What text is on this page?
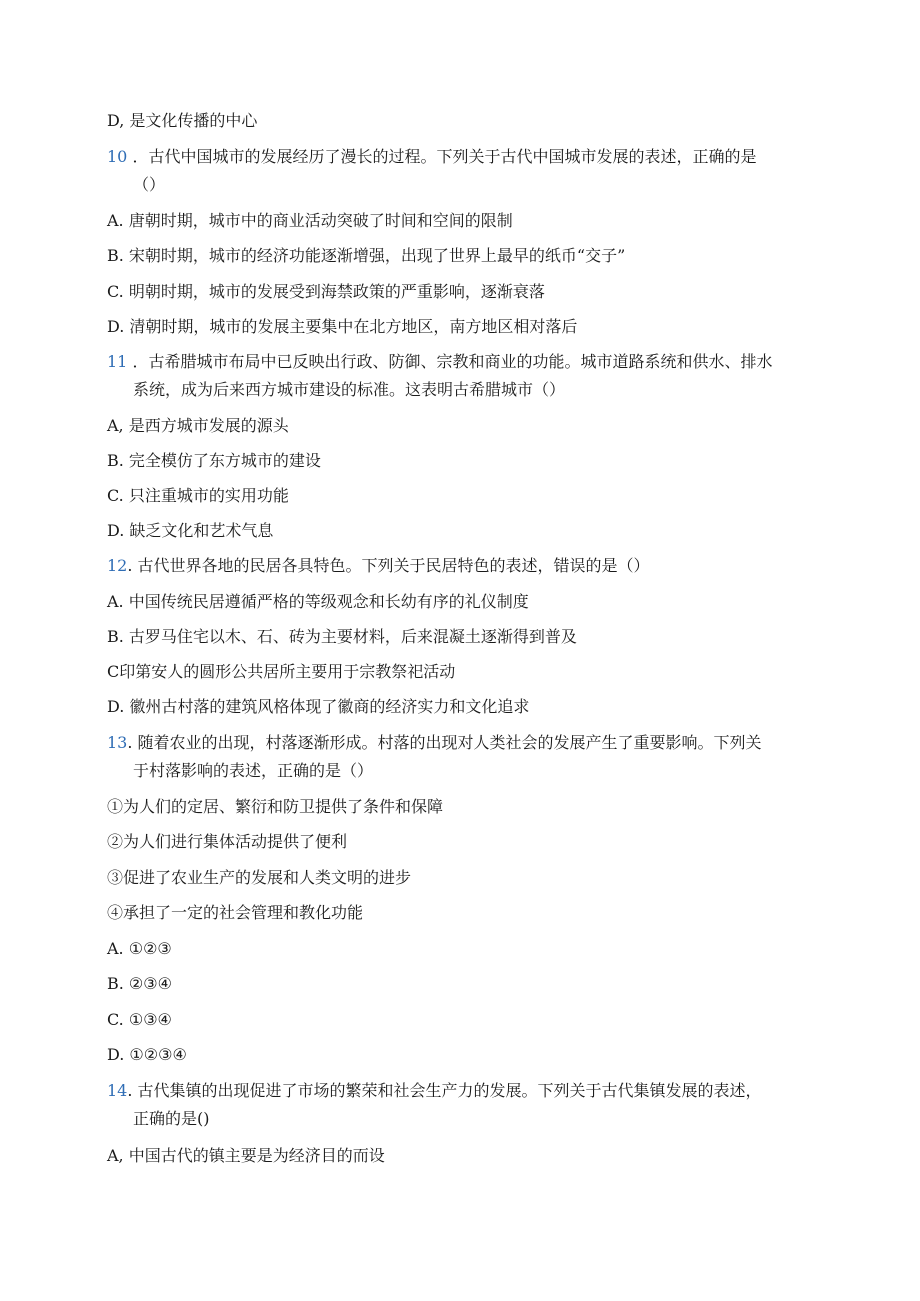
D, 是文化传播的中心
10 ．古代中国城市的发展经历了漫长的过程。下列关于古代中国城市发展的表述，正确的是
（）
A. 唐朝时期，城市中的商业活动突破了时间和空间的限制
B. 宋朝时期，城市的经济功能逐渐增强，出现了世界上最早的纸币“交子”
C. 明朝时期，城市的发展受到海禁政策的严重影响，逐渐衰落
D. 清朝时期，城市的发展主要集中在北方地区，南方地区相对落后
11 ．古希腊城市布局中已反映出行政、防御、宗教和商业的功能。城市道路系统和供水、排水
系统，成为后来西方城市建设的标准。这表明古希腊城市（）
A, 是西方城市发展的源头
B. 完全模仿了东方城市的建设
C. 只注重城市的实用功能
D. 缺乏文化和艺术气息
12. 古代世界各地的民居各具特色。下列关于民居特色的表述，错误的是（）
A. 中国传统民居遵循严格的等级观念和长幼有序的礼仪制度
B. 古罗马住宅以木、石、砖为主要材料，后来混凝土逐渐得到普及
C印第安人的圆形公共居所主要用于宗教祭祀活动
D. 徽州古村落的建筑风格体现了徽商的经济实力和文化追求
13. 随着农业的出现，村落逐渐形成。村落的出现对人类社会的发展产生了重要影响。下列关
于村落影响的表述，正确的是（）
①为人们的定居、繁衍和防卫提供了条件和保障
②为人们进行集体活动提供了便利
③促进了农业生产的发展和人类文明的进步
④承担了一定的社会管理和教化功能
A. ①②③
B. ②③④
C. ①③④
D. ①②③④
14. 古代集镇的出现促进了市场的繁荣和社会生产力的发展。下列关于古代集镇发展的表述，
正确的是()
A, 中国古代的镇主要是为经济目的而设
